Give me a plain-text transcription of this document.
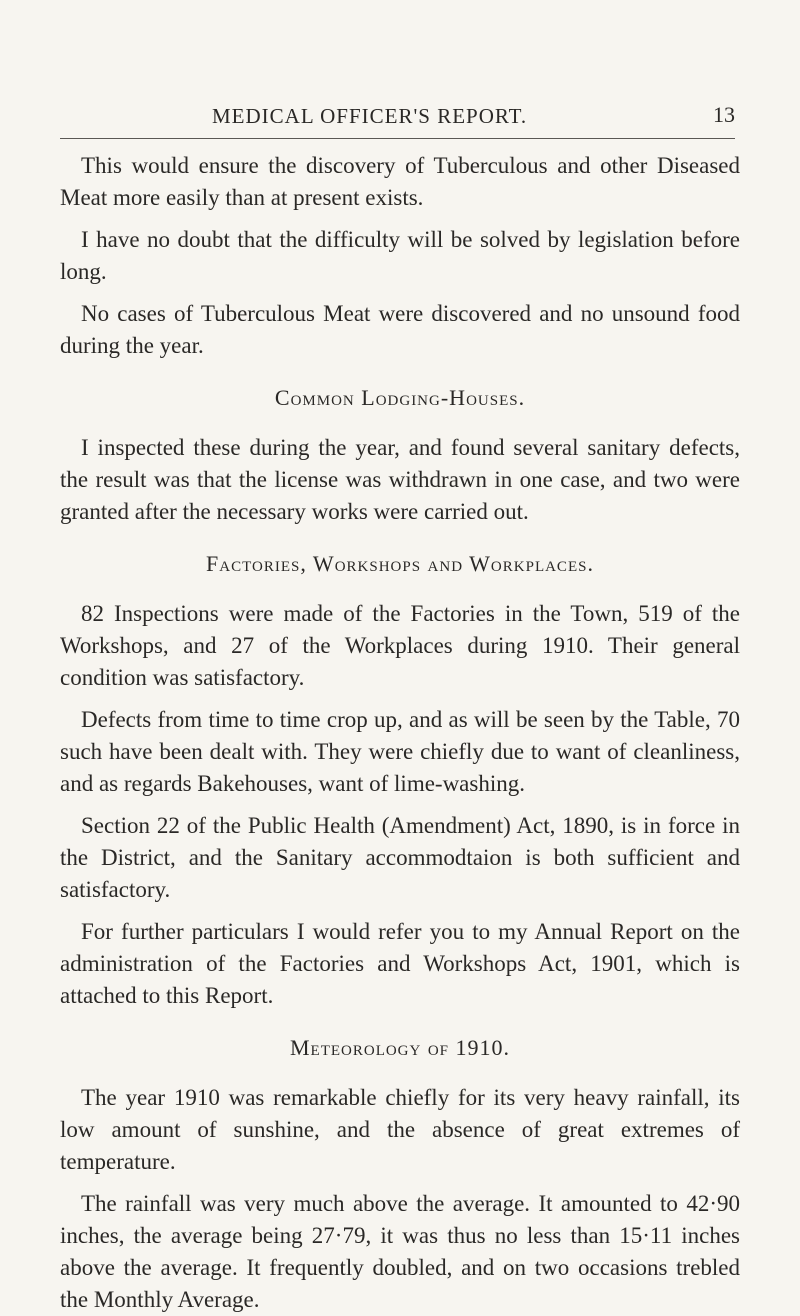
MEDICAL OFFICER'S REPORT.	13

This would ensure the discovery of Tuberculous and other Diseased Meat more easily than at present exists.

I have no doubt that the difficulty will be solved by legislation before long.

No cases of Tuberculous Meat were discovered and no unsound food during the year.

Common Lodging-Houses.

I inspected these during the year, and found several sanitary defects, the result was that the license was withdrawn in one case, and two were granted after the necessary works were carried out.

Factories, Workshops and Workplaces.

82 Inspections were made of the Factories in the Town, 519 of the Workshops, and 27 of the Workplaces during 1910. Their general condition was satisfactory.

Defects from time to time crop up, and as will be seen by the Table, 70 such have been dealt with. They were chiefly due to want of cleanliness, and as regards Bakehouses, want of lime-washing.

Section 22 of the Public Health (Amendment) Act, 1890, is in force in the District, and the Sanitary accommodtaion is both sufficient and satisfactory.

For further particulars I would refer you to my Annual Report on the administration of the Factories and Workshops Act, 1901, which is attached to this Report.

Meteorology of 1910.

The year 1910 was remarkable chiefly for its very heavy rainfall, its low amount of sunshine, and the absence of great extremes of temperature.

The rainfall was very much above the average. It amounted to 42·90 inches, the average being 27·79, it was thus no less than 15·11 inches above the average. It frequently doubled, and on two occasions trebled the Monthly Average.
